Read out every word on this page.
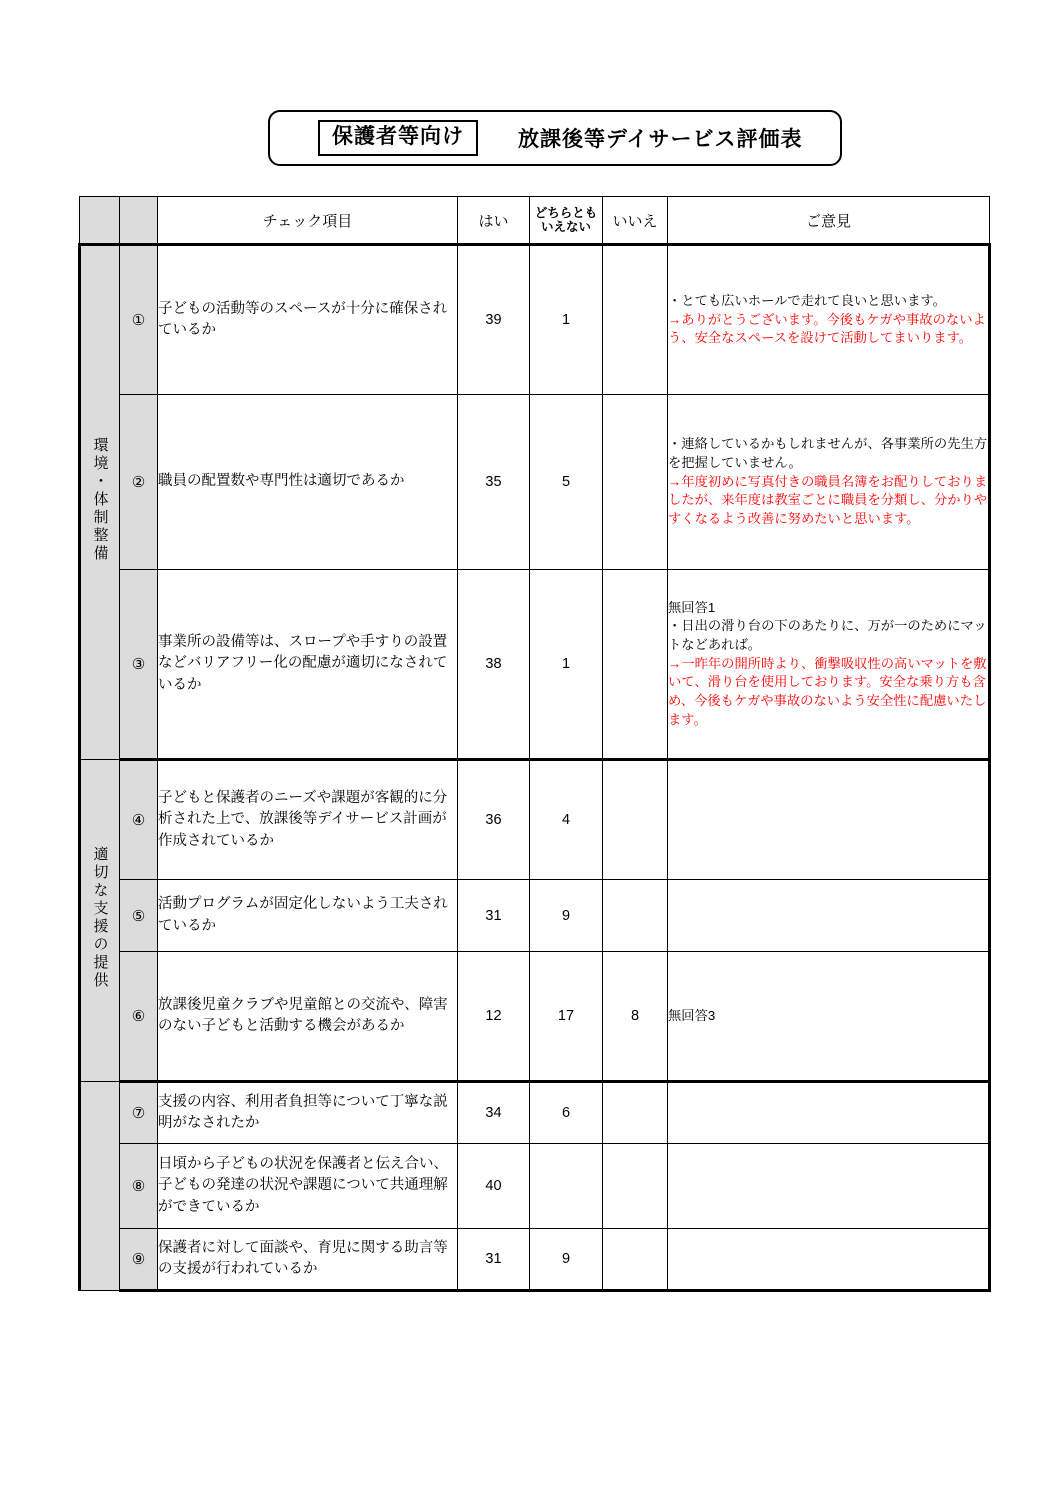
保護者等向け	放課後等デイサービス評価表
		チェック項目	はい	どちらとも
いえない	いいえ	ご意見
環境・体制整備	①	子どもの活動等のスペースが十分に確保されているか	39	1		・とても広いホールで走れて良いと思います。
→ありがとうございます。今後もケガや事故のないよう、安全なスペースを設けて活動してまいります。

	②	職員の配置数や専門性は適切であるか	35	5		・連絡しているかもしれませんが、各事業所の先生方を把握していません。
→年度初めに写真付きの職員名簿をお配りしておりましたが、来年度は教室ごとに職員を分類し、分かりやすくなるよう改善に努めたいと思います。

	③	事業所の設備等は、スロープや手すりの設置などバリアフリー化の配慮が適切になされているか	38	1		無回答1
・日出の滑り台の下のあたりに、万が一のためにマットなどあれば。
→一昨年の開所時より、衝撃吸収性の高いマットを敷いて、滑り台を使用しております。安全な乗り方も含め、今後もケガや事故のないよう安全性に配慮いたします。

適切な支援の提供	④	子どもと保護者のニーズや課題が客観的に分析された上で、放課後等デイサービス計画が作成されているか	36	4		
	⑤	活動プログラムが固定化しないよう工夫されているか	31	9		
	⑥	放課後児童クラブや児童館との交流や、障害のない子どもと活動する機会があるか	12	17	8	無回答3

	⑦	支援の内容、利用者負担等について丁寧な説明がなされたか	34	6		
	⑧	日頃から子どもの状況を保護者と伝え合い、子どもの発達の状況や課題について共通理解ができているか	40			
	⑨	保護者に対して面談や、育児に関する助言等の支援が行われているか	31	9		
